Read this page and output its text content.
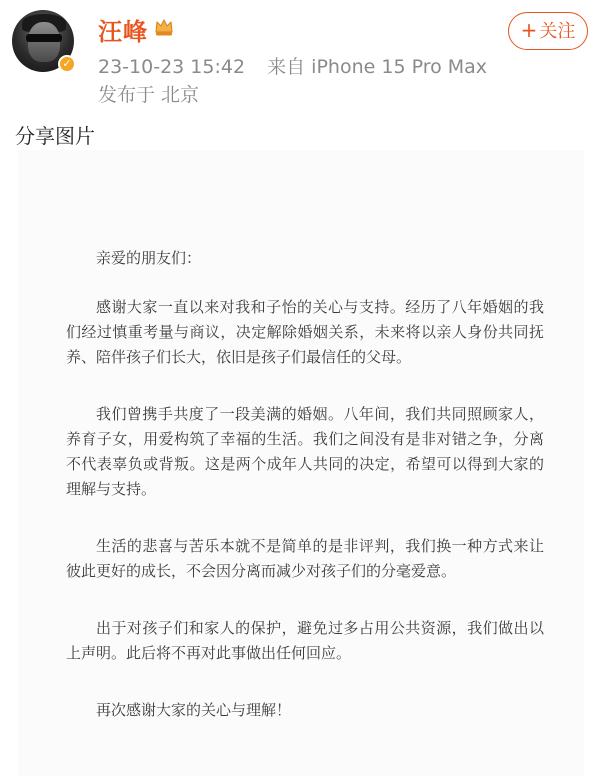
✓
汪峰
23-10-23 15:42 来自 iPhone 15 Pro Max
发布于 北京
+ 关注
分享图片

亲爱的朋友们：

感谢大家一直以来对我和子怡的关心与支持。经历了八年婚姻的我们经过慎重考量与商议，决定解除婚姻关系，未来将以亲人身份共同抚养、陪伴孩子们长大，依旧是孩子们最信任的父母。

我们曾携手共度了一段美满的婚姻。八年间，我们共同照顾家人，养育子女，用爱构筑了幸福的生活。我们之间没有是非对错之争，分离不代表辜负或背叛。这是两个成年人共同的决定，希望可以得到大家的理解与支持。

生活的悲喜与苦乐本就不是简单的是非评判，我们换一种方式来让彼此更好的成长，不会因分离而减少对孩子们的分毫爱意。

出于对孩子们和家人的保护，避免过多占用公共资源，我们做出以上声明。此后将不再对此事做出任何回应。

再次感谢大家的关心与理解！
